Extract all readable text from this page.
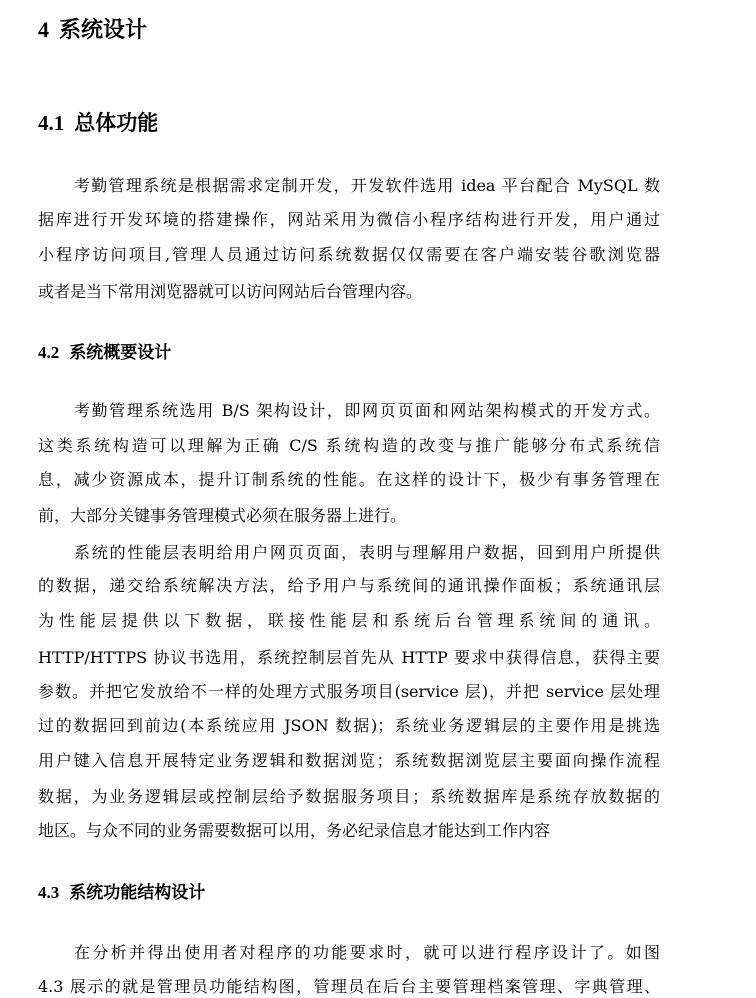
4 系统设计
4.1 总体功能
考勤管理系统是根据需求定制开发，开发软件选用 idea 平台配合 MySQL 数
据库进行开发环境的搭建操作，网站采用为微信小程序结构进行开发，用户通过
小程序访问项目,管理人员通过访问系统数据仅仅需要在客户端安装谷歌浏览器
或者是当下常用浏览器就可以访问网站后台管理内容。
4.2 系统概要设计
考勤管理系统选用 B/S 架构设计，即网页页面和网站架构模式的开发方式。
这类系统构造可以理解为正确 C/S 系统构造的改变与推广能够分布式系统信
息，减少资源成本，提升订制系统的性能。在这样的设计下，极少有事务管理在
前，大部分关键事务管理模式必须在服务器上进行。
系统的性能层表明给用户网页页面，表明与理解用户数据，回到用户所提供
的数据，递交给系统解决方法，给予用户与系统间的通讯操作面板；系统通讯层
为性能层提供以下数据，联接性能层和系统后台管理系统间的通讯。
HTTP/HTTPS 协议书选用，系统控制层首先从 HTTP 要求中获得信息，获得主要
参数。并把它发放给不一样的处理方式服务项目(service 层)，并把 service 层处理
过的数据回到前边(本系统应用 JSON 数据)；系统业务逻辑层的主要作用是挑选
用户键入信息开展特定业务逻辑和数据浏览；系统数据浏览层主要面向操作流程
数据，为业务逻辑层或控制层给予数据服务项目；系统数据库是系统存放数据的
地区。与众不同的业务需要数据可以用，务必纪录信息才能达到工作内容
4.3 系统功能结构设计
在分析并得出使用者对程序的功能要求时，就可以进行程序设计了。如图
4.3 展示的就是管理员功能结构图，管理员在后台主要管理档案管理、字典管理、
